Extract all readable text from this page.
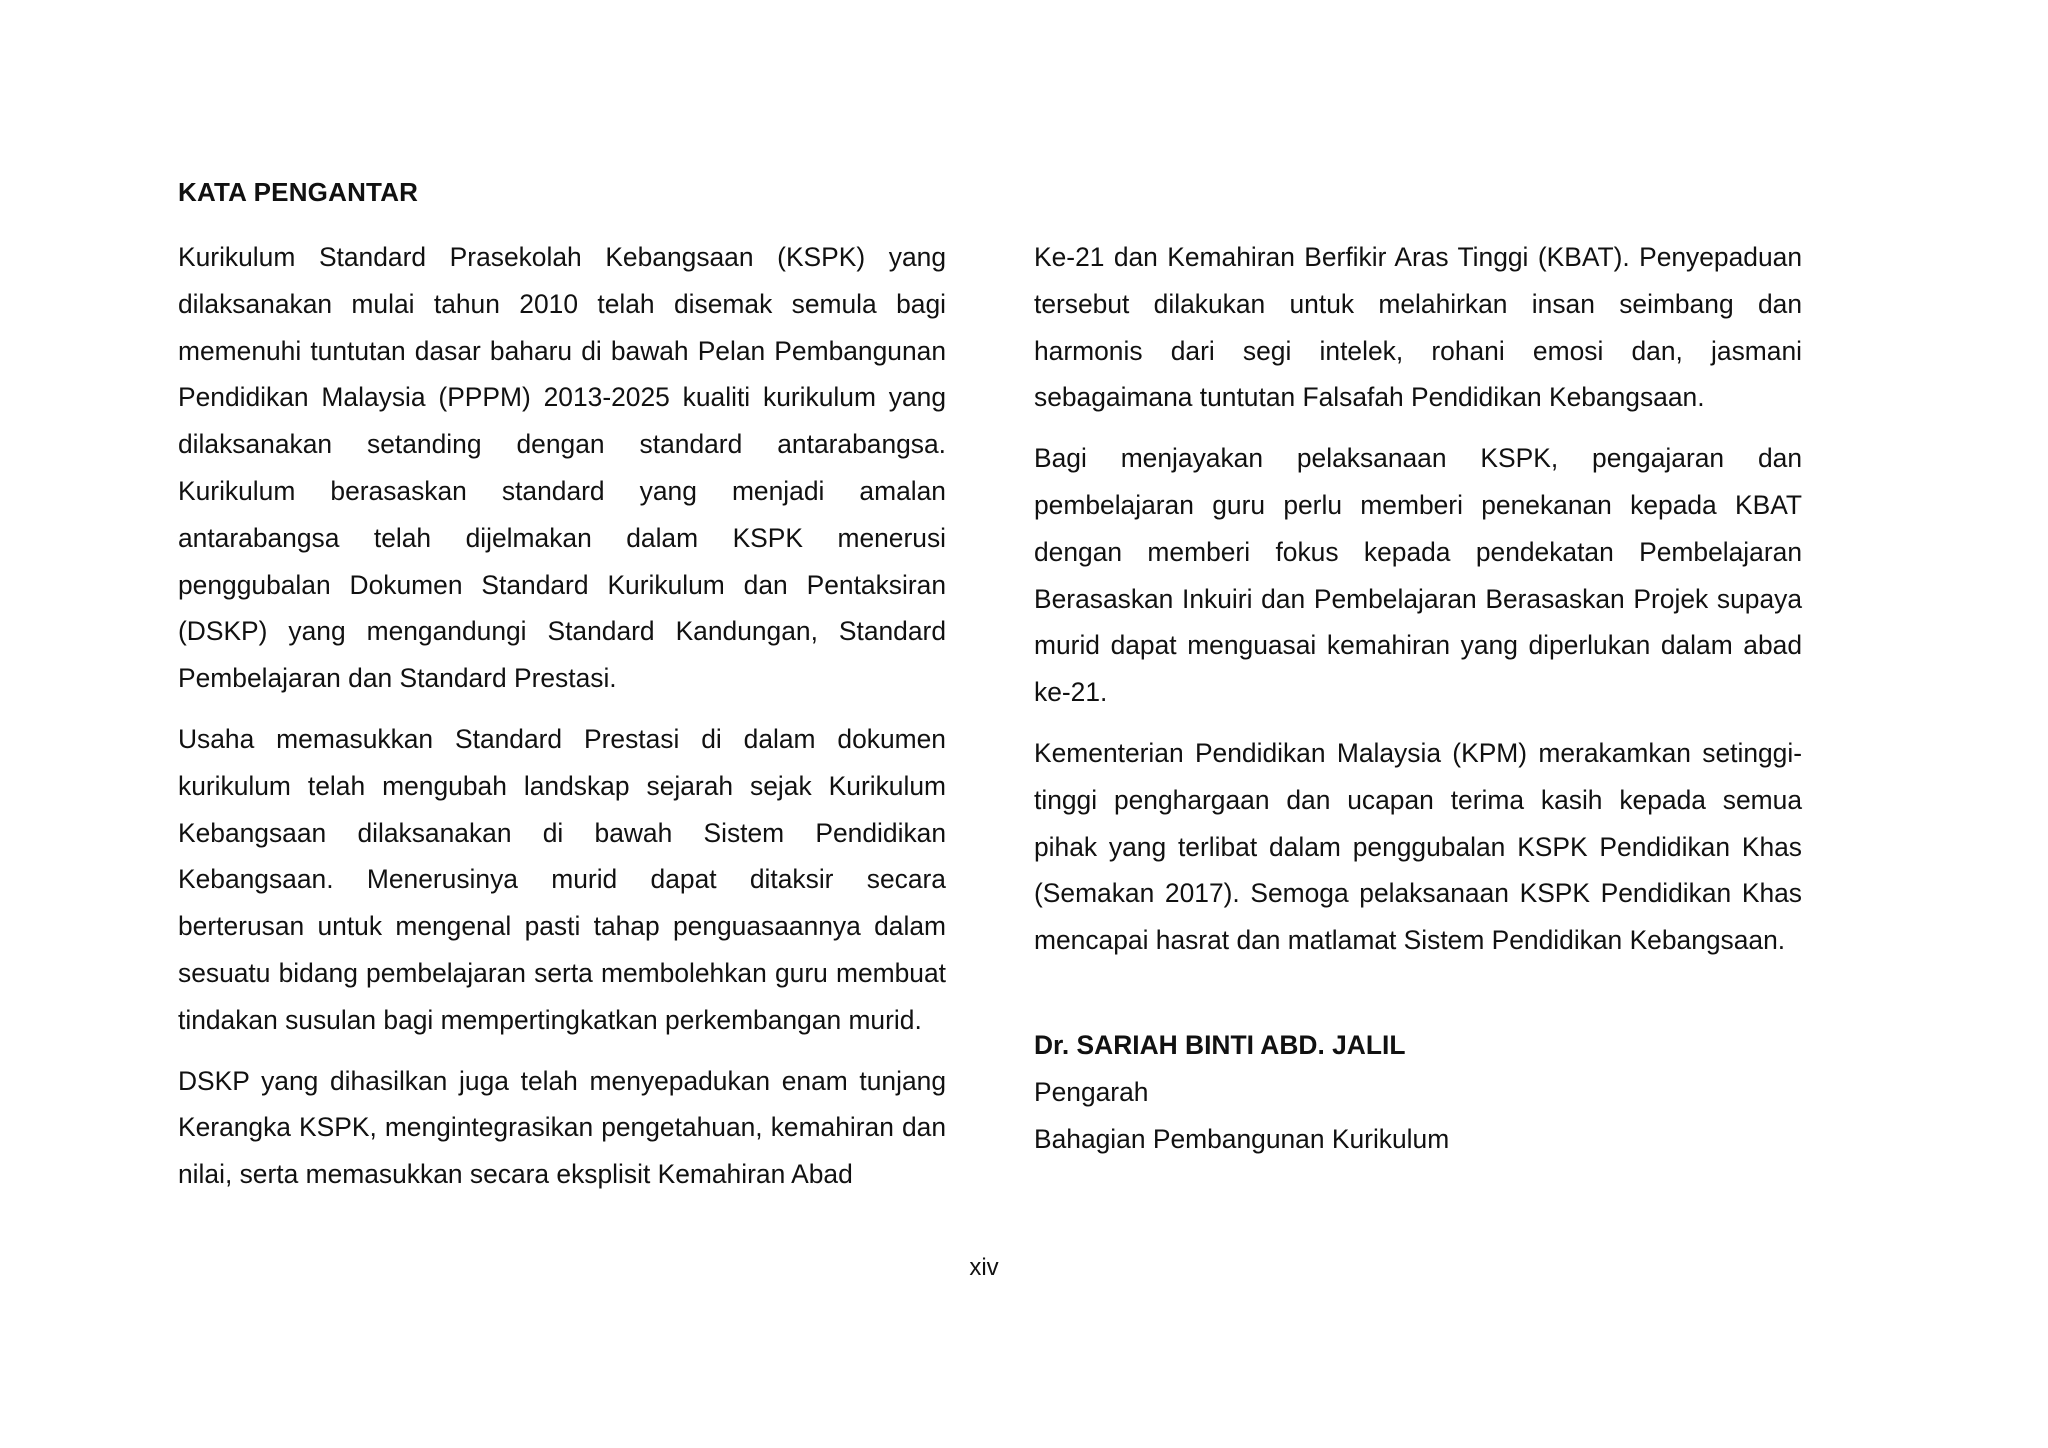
KATA PENGANTAR

Kurikulum Standard Prasekolah Kebangsaan (KSPK) yang dilaksanakan mulai tahun 2010 telah disemak semula bagi memenuhi tuntutan dasar baharu di bawah Pelan Pembangunan Pendidikan Malaysia (PPPM) 2013-2025 kualiti kurikulum yang dilaksanakan setanding dengan standard antarabangsa. Kurikulum berasaskan standard yang menjadi amalan antarabangsa telah dijelmakan dalam KSPK menerusi penggubalan Dokumen Standard Kurikulum dan Pentaksiran (DSKP) yang mengandungi Standard Kandungan, Standard Pembelajaran dan Standard Prestasi.

Usaha memasukkan Standard Prestasi di dalam dokumen kurikulum telah mengubah landskap sejarah sejak Kurikulum Kebangsaan dilaksanakan di bawah Sistem Pendidikan Kebangsaan. Menerusinya murid dapat ditaksir secara berterusan untuk mengenal pasti tahap penguasaannya dalam sesuatu bidang pembelajaran serta membolehkan guru membuat tindakan susulan bagi mempertingkatkan perkembangan murid.

DSKP yang dihasilkan juga telah menyepadukan enam tunjang Kerangka KSPK, mengintegrasikan pengetahuan, kemahiran dan nilai, serta memasukkan secara eksplisit Kemahiran Abad

Ke-21 dan Kemahiran Berfikir Aras Tinggi (KBAT). Penyepaduan tersebut dilakukan untuk melahirkan insan seimbang dan harmonis dari segi intelek, rohani emosi dan, jasmani sebagaimana tuntutan Falsafah Pendidikan Kebangsaan.

Bagi menjayakan pelaksanaan KSPK, pengajaran dan pembelajaran guru perlu memberi penekanan kepada KBAT dengan memberi fokus kepada pendekatan Pembelajaran Berasaskan Inkuiri dan Pembelajaran Berasaskan Projek supaya murid dapat menguasai kemahiran yang diperlukan dalam abad ke-21.

Kementerian Pendidikan Malaysia (KPM) merakamkan setinggi-tinggi penghargaan dan ucapan terima kasih kepada semua pihak yang terlibat dalam penggubalan KSPK Pendidikan Khas (Semakan 2017). Semoga pelaksanaan KSPK Pendidikan Khas mencapai hasrat dan matlamat Sistem Pendidikan Kebangsaan.

Dr. SARIAH BINTI ABD. JALIL

Pengarah

Bahagian Pembangunan Kurikulum

xiv
